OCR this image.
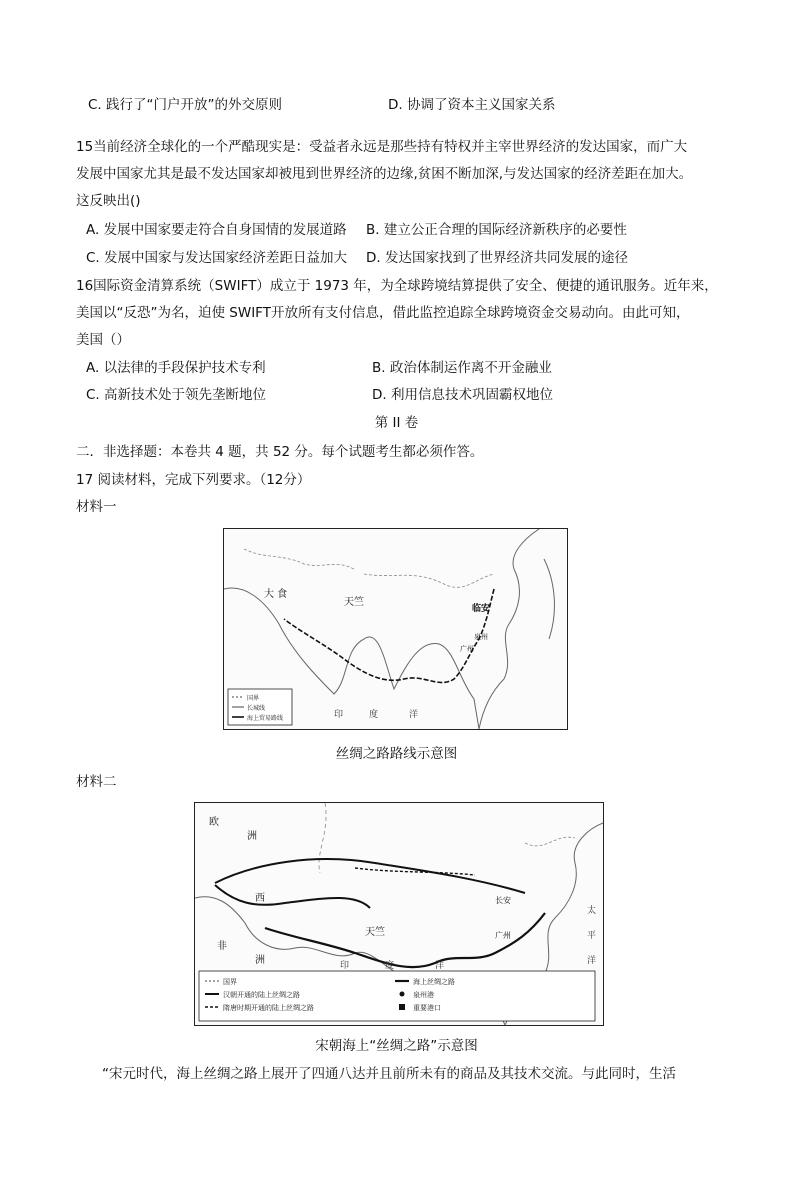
C. 践行了“门户开放”的外交原则	D. 协调了资本主义国家关系
15当前经济全球化的一个严酷现实是：受益者永远是那些持有特权并主宰世界经济的发达国家，而广大
发展中国家尤其是最不发达国家却被甩到世界经济的边缘,贫困不断加深,与发达国家的经济差距在加大。
这反映出()
A. 发展中国家要走符合自身国情的发展道路 B. 建立公正合理的国际经济新秩序的必要性
C. 发展中国家与发达国家经济差距日益加大 D. 发达国家找到了世界经济共同发展的途径
16国际资金清算系统（SWIFT）成立于 1973 年，为全球跨境结算提供了安全、便捷的通讯服务。近年来，
美国以“反恐”为名，迫使 SWIFT开放所有支付信息，借此监控追踪全球跨境资金交易动向。由此可知，
美国（）
A. 以法律的手段保护技术专利	B. 政治体制运作离不开金融业
C. 高新技术处于领先垄断地位	D. 利用信息技术巩固霸权地位
第 II 卷
二．非选择题：本卷共 4 题，共 52 分。每个试题考生都必须作答。
17 阅读材料，完成下列要求。（12分）
材料一
国界
长城线
海上贸易路线
大 食
天竺
临安
泉州
广州
印	度	洋
丝绸之路路线示意图
材料二
国界
汉朝开通的陆上丝绸之路
隋唐时期开通的陆上丝绸之路
海上丝绸之路
泉州港
重要港口
欧
洲
西
非
洲
天竺
长安
广州
印	度	洋
太
平
洋
宋朝海上“丝绸之路”示意图
“宋元时代，海上丝绸之路上展开了四通八达并且前所未有的商品及其技术交流。与此同时，生活
